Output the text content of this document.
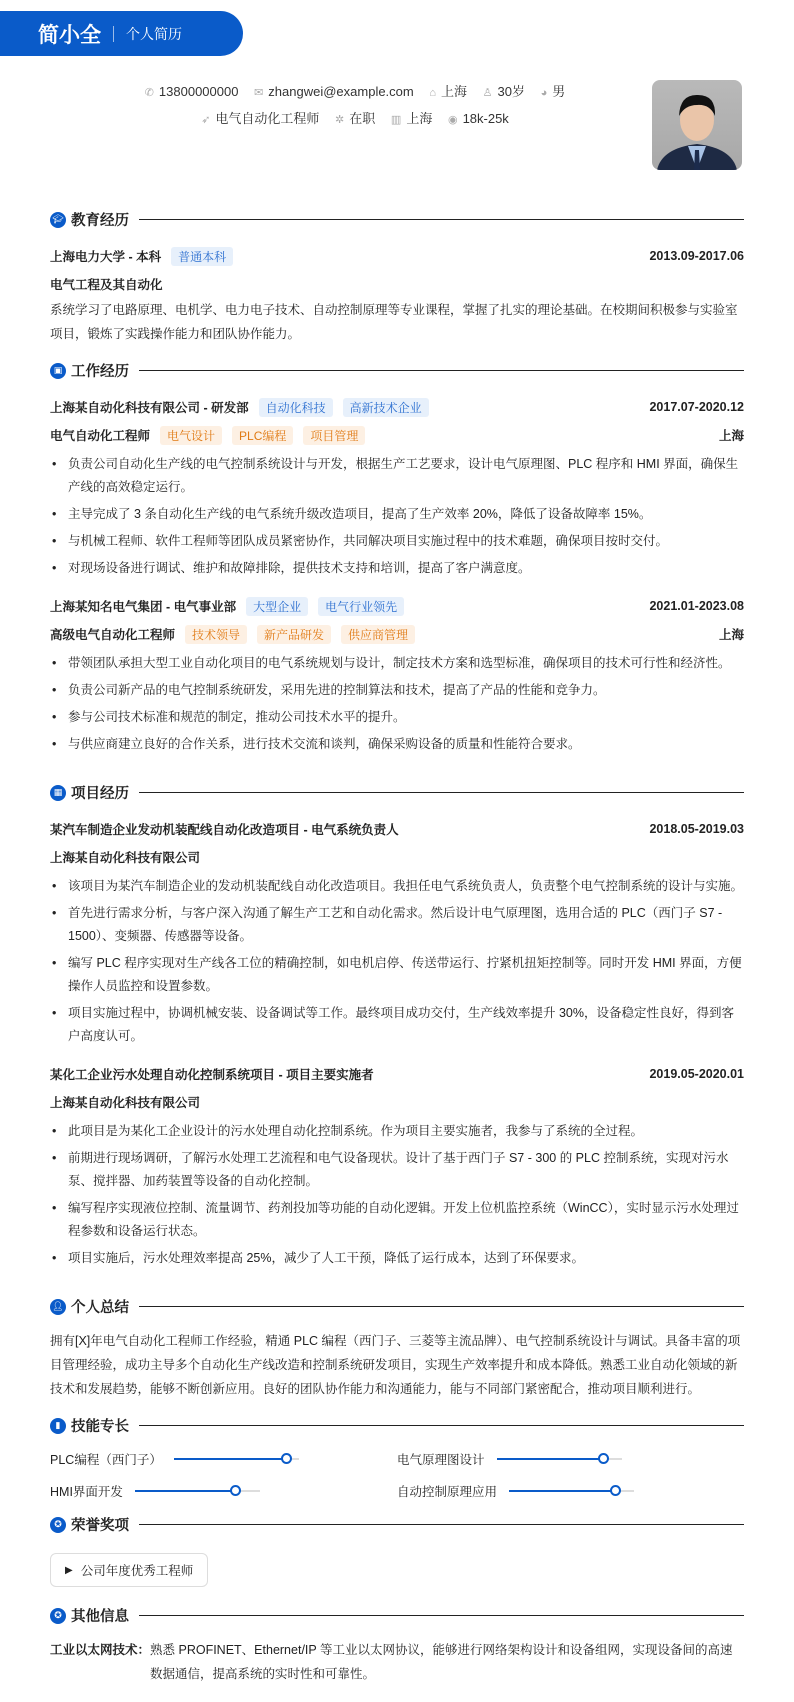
简小全 个人简历
✆ 13800000000 ✉ zhangwei@example.com ⌂ 上海 ♙ 30岁 ◕ 男
➶ 电气自动化工程师 ✲ 在职 ▥ 上海 ◉ 18k-25k
🎓︎ 教育经历
上海电力大学 - 本科	普通本科	2013.09-2017.06
电气工程及其自动化

系统学习了电路原理、电机学、电力电子技术、自动控制原理等专业课程，掌握了扎实的理论基础。在校期间积极参与实验室项目，锻炼了实践操作能力和团队协作能力。

▣ 工作经历
上海某自动化科技有限公司 - 研发部	自动化科技	高新技术企业	2017.07-2020.12
电气自动化工程师	电气设计	PLC编程	项目管理	上海
• 负责公司自动化生产线的电气控制系统设计与开发，根据生产工艺要求，设计电气原理图、PLC 程序和 HMI 界面，确保生产线的高效稳定运行。
• 主导完成了 3 条自动化生产线的电气系统升级改造项目，提高了生产效率 20%，降低了设备故障率 15%。
• 与机械工程师、软件工程师等团队成员紧密协作，共同解决项目实施过程中的技术难题，确保项目按时交付。
• 对现场设备进行调试、维护和故障排除，提供技术支持和培训，提高了客户满意度。
上海某知名电气集团 - 电气事业部	大型企业	电气行业领先	2021.01-2023.08
高级电气自动化工程师	技术领导	新产品研发	供应商管理	上海
• 带领团队承担大型工业自动化项目的电气系统规划与设计，制定技术方案和选型标准，确保项目的技术可行性和经济性。
• 负责公司新产品的电气控制系统研发，采用先进的控制算法和技术，提高了产品的性能和竞争力。
• 参与公司技术标准和规范的制定，推动公司技术水平的提升。
• 与供应商建立良好的合作关系，进行技术交流和谈判，确保采购设备的质量和性能符合要求。
▦ 项目经历
某汽车制造企业发动机装配线自动化改造项目 - 电气系统负责人	2018.05-2019.03
上海某自动化科技有限公司
• 该项目为某汽车制造企业的发动机装配线自动化改造项目。我担任电气系统负责人，负责整个电气控制系统的设计与实施。
• 首先进行需求分析，与客户深入沟通了解生产工艺和自动化需求。然后设计电气原理图，选用合适的 PLC（西门子 S7 - 1500）、变频器、传感器等设备。
• 编写 PLC 程序实现对生产线各工位的精确控制，如电机启停、传送带运行、拧紧机扭矩控制等。同时开发 HMI 界面，方便操作人员监控和设置参数。
• 项目实施过程中，协调机械安装、设备调试等工作。最终项目成功交付，生产线效率提升 30%，设备稳定性良好，得到客户高度认可。
某化工企业污水处理自动化控制系统项目 - 项目主要实施者	2019.05-2020.01
上海某自动化科技有限公司
• 此项目是为某化工企业设计的污水处理自动化控制系统。作为项目主要实施者，我参与了系统的全过程。
• 前期进行现场调研，了解污水处理工艺流程和电气设备现状。设计了基于西门子 S7 - 300 的 PLC 控制系统，实现对污水泵、搅拌器、加药装置等设备的自动化控制。
• 编写程序实现液位控制、流量调节、药剂投加等功能的自动化逻辑。开发上位机监控系统（WinCC），实时显示污水处理过程参数和设备运行状态。
• 项目实施后，污水处理效率提高 25%，减少了人工干预，降低了运行成本，达到了环保要求。
👤︎ 个人总结

拥有[X]年电气自动化工程师工作经验，精通 PLC 编程（西门子、三菱等主流品牌）、电气控制系统设计与调试。具备丰富的项目管理经验，成功主导多个自动化生产线改造和控制系统研发项目，实现生产效率提升和成本降低。熟悉工业自动化领域的新技术和发展趋势，能够不断创新应用。良好的团队协作能力和沟通能力，能与不同部门紧密配合，推动项目顺利进行。

▮ 技能专长
PLC编程（西门子）	电气原理图设计
HMI界面开发	自动控制原理应用
✪ 荣誉奖项
▶ 公司年度优秀工程师
✪ 其他信息
工业以太网技术： 熟悉 PROFINET、Ethernet/IP 等工业以太网协议，能够进行网络架构设计和设备组网，实现设备间的高速数据通信，提高系统的实时性和可靠性。
